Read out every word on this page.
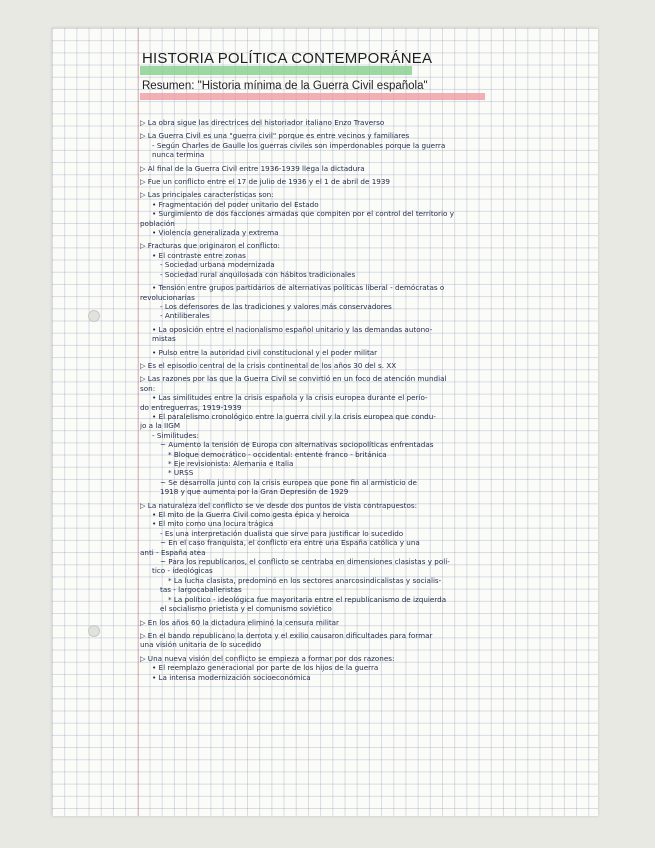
HISTORIA POLÍTICA CONTEMPORÁNEA
Resumen: "Historia mínima de la Guerra Civil española"
▷ La obra sigue las directrices del historiador italiano Enzo Traverso
▷ La Guerra Civil es una "guerra civil" porque es entre vecinos y familiares
- Según Charles de Gaulle los guerras civiles son imperdonables porque la guerra
nunca termina
▷ Al final de la Guerra Civil entre 1936-1939 llega la dictadura
▷ Fue un conflicto entre el 17 de julio de 1936 y el 1 de abril de 1939
▷ Las principales características son:
• Fragmentación del poder unitario del Estado
• Surgimiento de dos facciones armadas que compiten por el control del territorio y
población
• Violencia generalizada y extrema
▷ Fracturas que originaron el conflicto:
• El contraste entre zonas
- Sociedad urbana modernizada
- Sociedad rural anquilosada con hábitos tradicionales
• Tensión entre grupos partidarios de alternativas políticas liberal - demócratas o
revolucionarias
- Los defensores de las tradiciones y valores más conservadores
- Antiliberales
• La oposición entre el nacionalismo español unitario y las demandas autono-
mistas
• Pulso entre la autoridad civil constitucional y el poder militar
▷ Es el episodio central de la crisis continental de los años 30 del s. XX
▷ Las razones por las que la Guerra Civil se convirtió en un foco de atención mundial
son:
• Las similitudes entre la crisis española y la crisis europea durante el perío-
do entreguerras, 1919-1939
• El paralelismo cronológico entre la guerra civil y la crisis europea que condu-
jo a la IIGM
- Similitudes:
~ Aumento la tensión de Europa con alternativas sociopolíticas enfrentadas
* Bloque democrático - occidental: entente franco - británica
* Eje revisionista: Alemania e Italia
* URSS
~ Se desarrolla junto con la crisis europea que pone fin al armisticio de
1918 y que aumenta por la Gran Depresión de 1929
▷ La naturaleza del conflicto se ve desde dos puntos de vista contrapuestos:
• El mito de la Guerra Civil como gesta épica y heroica
• El mito como una locura trágica
- Es una interpretación dualista que sirve para justificar lo sucedido
~ En el caso franquista, el conflicto era entre una España católica y una
anti - España atea
~ Para los republicanos, el conflicto se centraba en dimensiones clasistas y polí-
tico - ideológicas
* La lucha clasista, predominó en los sectores anarcosindicalistas y socialis-
tas - largocaballeristas
* La político - ideológica fue mayoritaria entre el republicanismo de izquierda
el socialismo prietista y el comunismo soviético
▷ En los años 60 la dictadura eliminó la censura militar
▷ En el bando republicano la derrota y el exilio causaron dificultades para formar
una visión unitaria de lo sucedido
▷ Una nueva visión del conflicto se empieza a formar por dos razones:
• El reemplazo generacional por parte de los hijos de la guerra
• La intensa modernización socioeconómica
